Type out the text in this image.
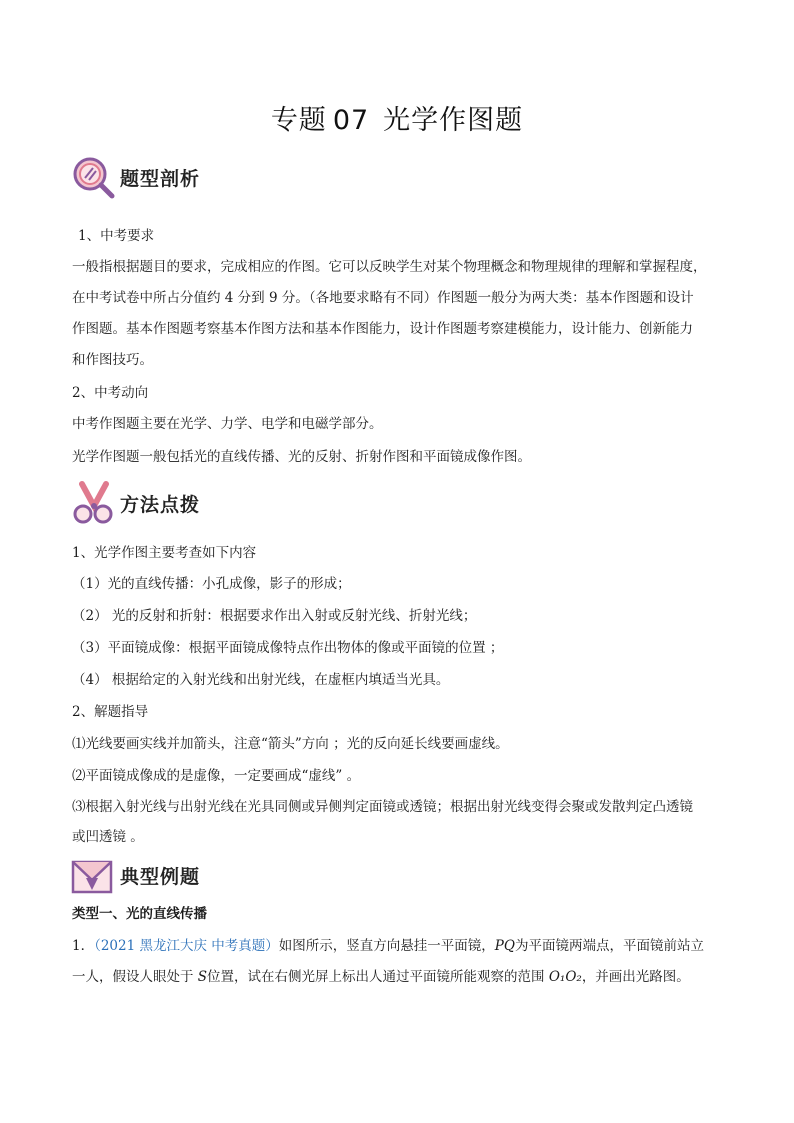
专题 07 光学作图题
题型剖析
1、中考要求
一般指根据题目的要求，完成相应的作图。它可以反映学生对某个物理概念和物理规律的理解和掌握程度，
在中考试卷中所占分值约 4 分到 9 分。（各地要求略有不同）作图题一般分为两大类：基本作图题和设计
作图题。基本作图题考察基本作图方法和基本作图能力，设计作图题考察建模能力，设计能力、创新能力
和作图技巧。
2、中考动向
中考作图题主要在光学、力学、电学和电磁学部分。
光学作图题一般包括光的直线传播、光的反射、折射作图和平面镜成像作图。
方法点拨
1、光学作图主要考查如下内容
（1）光的直线传播：小孔成像，影子的形成；
（2） 光的反射和折射：根据要求作出入射或反射光线、折射光线；
（3）平面镜成像：根据平面镜成像特点作出物体的像或平面镜的位置 ；
（4） 根据给定的入射光线和出射光线，在虚框内填适当光具。
2、解题指导
⑴光线要画实线并加箭头，注意“箭头”方向 ；光的反向延长线要画虚线。
⑵平面镜成像成的是虚像，一定要画成“虚线” 。
⑶根据入射光线与出射光线在光具同侧或异侧判定面镜或透镜；根据出射光线变得会聚或发散判定凸透镜
或凹透镜 。
典型例题
类型一、光的直线传播
1．（2021 黑龙江大庆 中考真题）如图所示，竖直方向悬挂一平面镜，PQ为平面镜两端点，平面镜前站立
一人，假设人眼处于 S位置，试在右侧光屏上标出人通过平面镜所能观察的范围 O₁O₂，并画出光路图。
